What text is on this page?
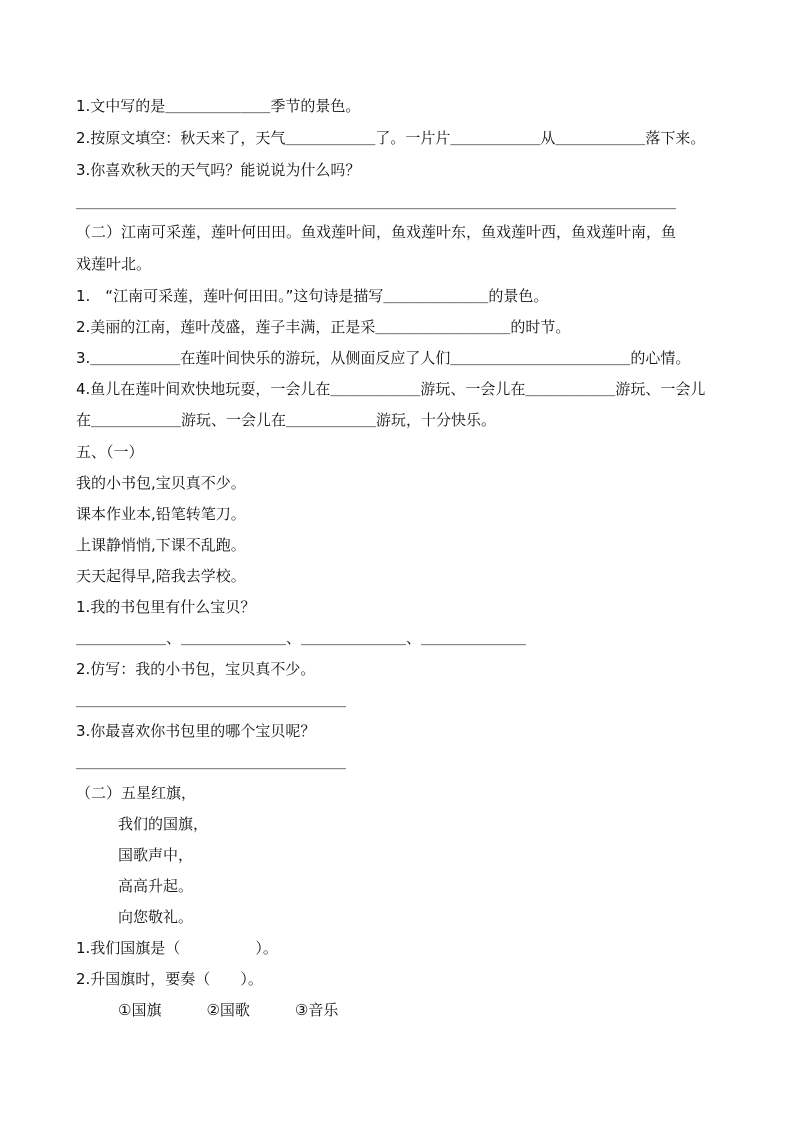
1.文中写的是＿＿＿＿＿＿＿季节的景色。
2.按原文填空：秋天来了，天气＿＿＿＿＿＿了。一片片＿＿＿＿＿＿从＿＿＿＿＿＿落下来。
3.你喜欢秋天的天气吗？能说说为什么吗？
＿＿＿＿＿＿＿＿＿＿＿＿＿＿＿＿＿＿＿＿＿＿＿＿＿＿＿＿＿＿＿＿＿＿＿＿＿＿＿＿
（二）江南可采莲，莲叶何田田。鱼戏莲叶间，鱼戏莲叶东，鱼戏莲叶西，鱼戏莲叶南，鱼
戏莲叶北。
1.　“江南可采莲，莲叶何田田。”这句诗是描写＿＿＿＿＿＿＿的景色。
2.美丽的江南，莲叶茂盛，莲子丰满，正是采＿＿＿＿＿＿＿＿＿的时节。
3.＿＿＿＿＿＿在莲叶间快乐的游玩，从侧面反应了人们＿＿＿＿＿＿＿＿＿＿＿＿的心情。
4.鱼儿在莲叶间欢快地玩耍，一会儿在＿＿＿＿＿＿游玩、一会儿在＿＿＿＿＿＿游玩、一会儿
在＿＿＿＿＿＿游玩、一会儿在＿＿＿＿＿＿游玩，十分快乐。
五、（一）
我的小书包,宝贝真不少。
课本作业本,铅笔转笔刀。
上课静悄悄,下课不乱跑。
天天起得早,陪我去学校。
1.我的书包里有什么宝贝？
＿＿＿＿＿＿、＿＿＿＿＿＿＿、＿＿＿＿＿＿＿、＿＿＿＿＿＿＿
2.仿写：我的小书包，宝贝真不少。
＿＿＿＿＿＿＿＿＿＿＿＿＿＿＿＿＿＿
3.你最喜欢你书包里的哪个宝贝呢？
＿＿＿＿＿＿＿＿＿＿＿＿＿＿＿＿＿＿
（二）五星红旗，
我们的国旗，
国歌声中，
高高升起。
向您敬礼。
1.我们国旗是（　　　　　）。
2.升国旗时，要奏（　　）。
①国旗　　　②国歌　　　③音乐
